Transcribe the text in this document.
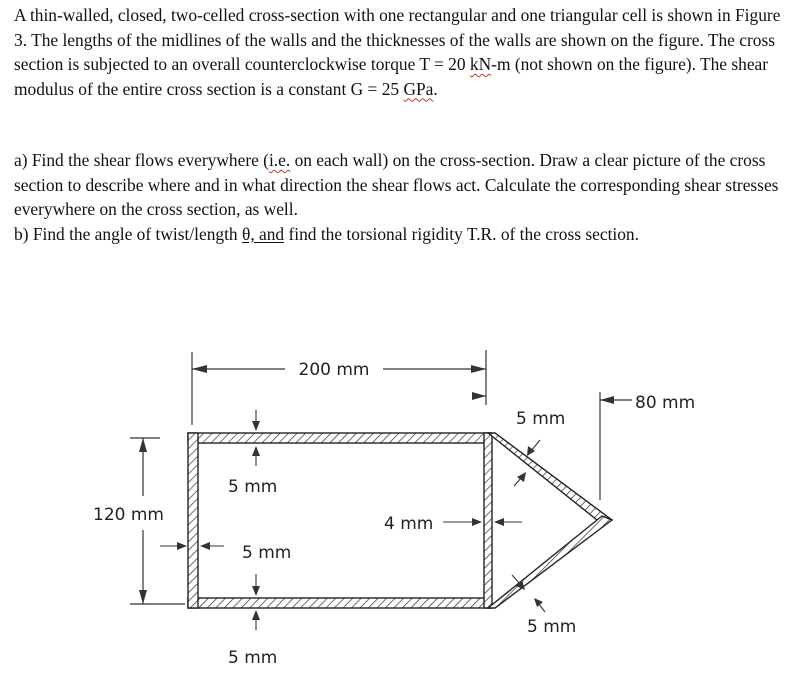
A thin-walled, closed, two-celled cross-section with one rectangular and one triangular cell is shown in Figure 3. The lengths of the midlines of the walls and the thicknesses of the walls are shown on the figure. The cross section is subjected to an overall counterclockwise torque T = 20 kN-m (not shown on the figure). The shear modulus of the entire cross section is a constant G = 25 GPa.

a) Find the shear flows everywhere (i.e. on each wall) on the cross-section. Draw a clear picture of the cross section to describe where and in what direction the shear flows act. Calculate the corresponding shear stresses everywhere on the cross section, as well.

b) Find the angle of twist/length θ, and find the torsional rigidity T.R. of the cross section.

200 mm
120 mm
80 mm
5 mm
5 mm
4 mm
5 mm
5 mm
5 mm
